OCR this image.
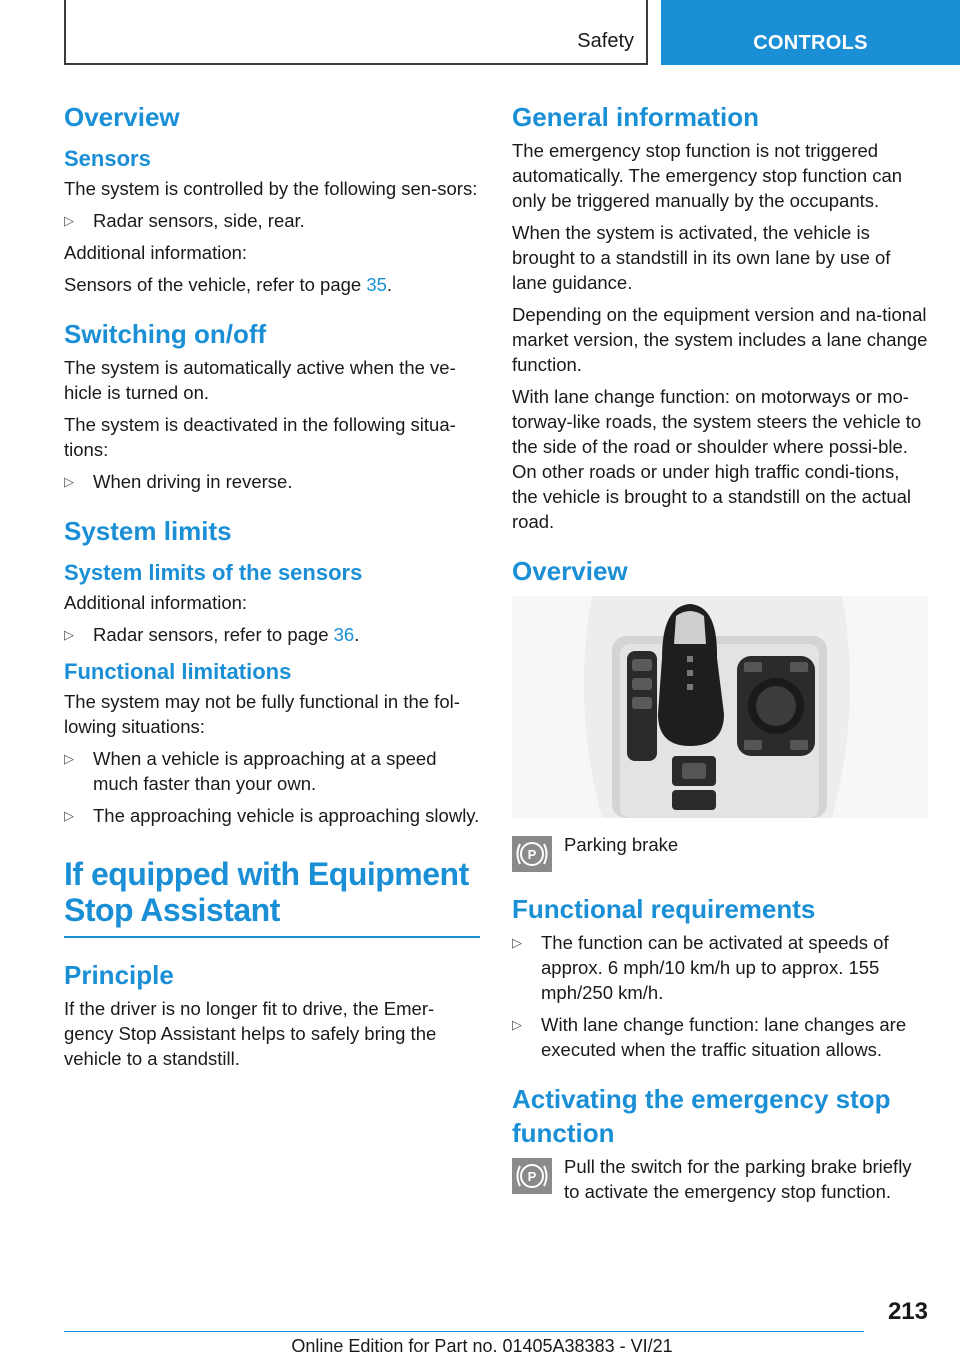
Safety	CONTROLS
Overview
Sensors

The system is controlled by the following sen-sors:

▷ Radar sensors, side, rear.

Additional information:

Sensors of the vehicle, refer to page 35.

Switching on/off

The system is automatically active when the ve-hicle is turned on.

The system is deactivated in the following situa-tions:

▷ When driving in reverse.
System limits
System limits of the sensors

Additional information:

▷ Radar sensors, refer to page 36.
Functional limitations

The system may not be fully functional in the fol-lowing situations:

▷ When a vehicle is approaching at a speed much faster than your own.
▷ The approaching vehicle is approaching slowly.
If equipped with Equipment
Stop Assistant
Principle

If the driver is no longer fit to drive, the Emer-gency Stop Assistant helps to safely bring the vehicle to a standstill.

General information

The emergency stop function is not triggered automatically. The emergency stop function can only be triggered manually by the occupants.

When the system is activated, the vehicle is brought to a standstill in its own lane by use of lane guidance.

Depending on the equipment version and na-tional market version, the system includes a lane change function.

With lane change function: on motorways or mo-torway-like roads, the system steers the vehicle to the side of the road or shoulder where possi-ble. On other roads or under high traffic condi-tions, the vehicle is brought to a standstill on the actual road.

Overview
P Parking brake

Functional requirements
▷ The function can be activated at speeds of approx. 6 mph/10 km/h up to approx. 155 mph/250 km/h.
▷ With lane change function: lane changes are executed when the traffic situation allows.
Activating the emergency stop function
P Pull the switch for the parking brake briefly to activate the emergency stop function.

213
Online Edition for Part no. 01405A38383 - VI/21
